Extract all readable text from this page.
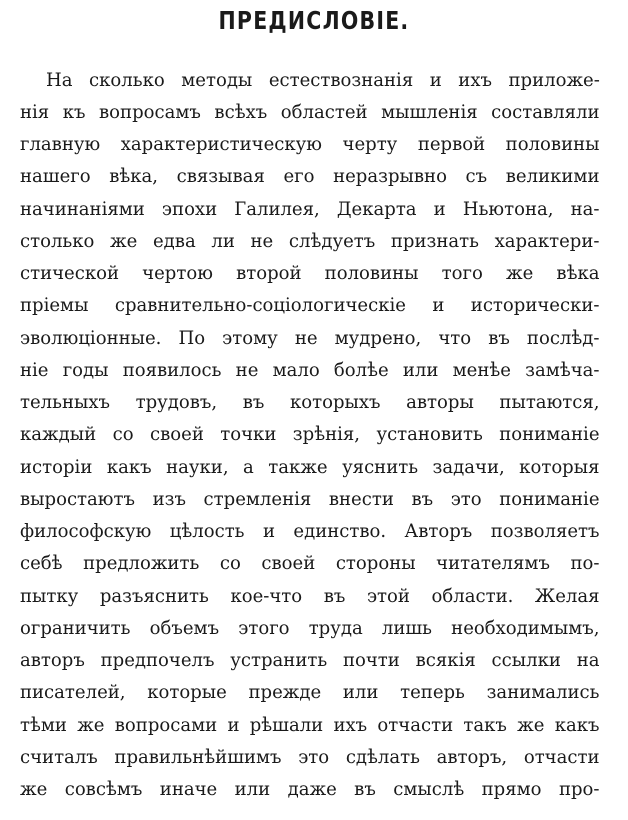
ПРЕДИСЛОВІЕ.
На сколько методы естествознанія и ихъ приложе-
нія къ вопросамъ всѣхъ областей мышленія составляли
главную характеристическую черту первой половины
нашего вѣка, связывая его неразрывно съ великими
начинаніями эпохи Галилея, Декарта и Ньютона, на-
столько же едва ли не слѣдуетъ признать характери-
стической чертою второй половины того же вѣка
пріемы сравнительно-соціологическіе и исторически-
эволюціонные. По этому не мудрено, что въ послѣд-
ніе годы появилось не мало болѣе или менѣе замѣча-
тельныхъ трудовъ, въ которыхъ авторы пытаются,
каждый со своей точки зрѣнія, установить пониманіе
исторіи какъ науки, а также уяснить задачи, которыя
выростаютъ изъ стремленія внести въ это пониманіе
философскую цѣлость и единство. Авторъ позволяетъ
себѣ предложить со своей стороны читателямъ по-
пытку разъяснить кое-что въ этой области. Желая
ограничить объемъ этого труда лишь необходимымъ,
авторъ предпочелъ устранить почти всякія ссылки на
писателей, которые прежде или теперь занимались
тѣми же вопросами и рѣшали ихъ отчасти такъ же какъ
считалъ правильнѣйшимъ это сдѣлать авторъ, отчасти
же совсѣмъ иначе или даже въ смыслѣ прямо про-
